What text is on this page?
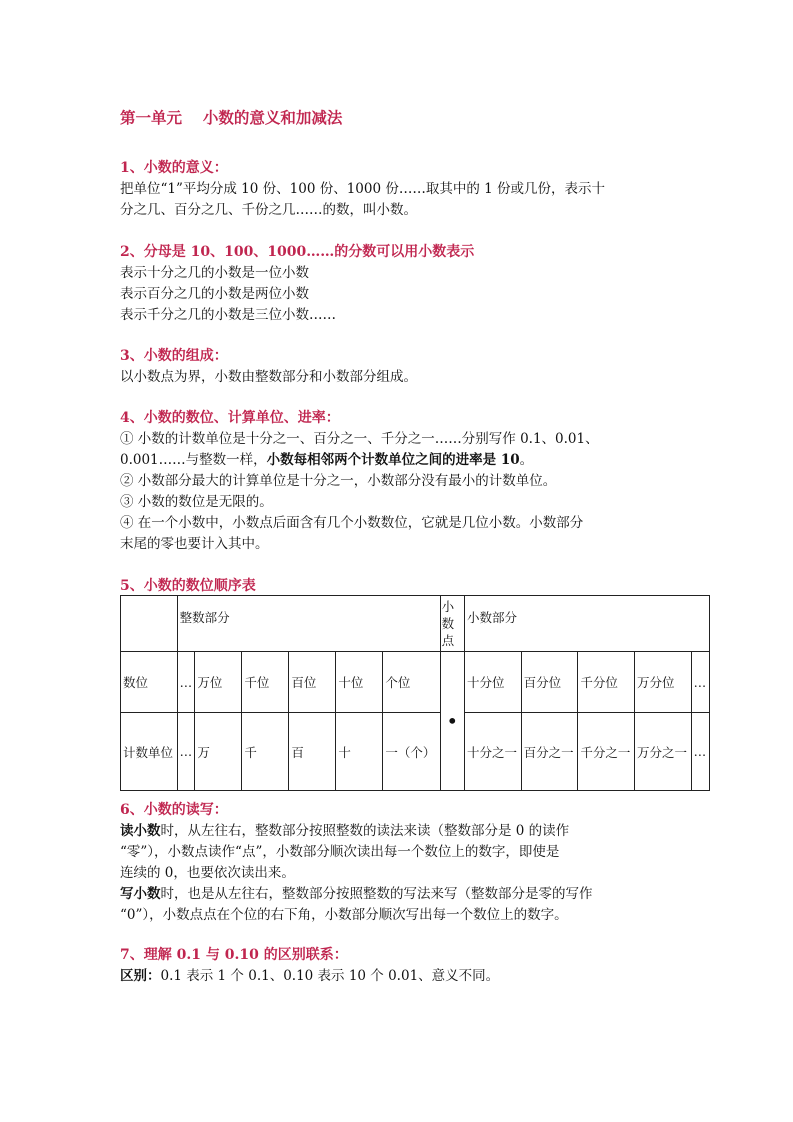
第一单元　 小数的意义和加减法
1、小数的意义：
把单位“1”平均分成 10 份、100 份、1000 份……取其中的 1 份或几份，表示十
分之几、百分之几、千份之几……的数，叫小数。
2、分母是 10、100、1000……的分数可以用小数表示
表示十分之几的小数是一位小数
表示百分之几的小数是两位小数
表示千分之几的小数是三位小数……
3、小数的组成：
以小数点为界，小数由整数部分和小数部分组成。
4、小数的数位、计算单位、进率：
① 小数的计数单位是十分之一、百分之一、千分之一……分别写作 0.1、0.01、
0.001……与整数一样，小数每相邻两个计数单位之间的进率是 10。
② 小数部分最大的计算单位是十分之一，小数部分没有最小的计数单位。
③ 小数的数位是无限的。
④ 在一个小数中，小数点后面含有几个小数数位，它就是几位小数。小数部分
末尾的零也要计入其中。
5、小数的数位顺序表
	整数部分						小数点	小数部分				
数位	…	万位	千位	百位	十位	个位	•	十分位	百分位	千分位	万分位	…
计数单位	…	万	千	百	十	一（个）		十分之一	百分之一	千分之一	万分之一	…
6、小数的读写：
读小数时，从左往右，整数部分按照整数的读法来读（整数部分是 0 的读作
“零”），小数点读作“点”，小数部分顺次读出每一个数位上的数字，即使是
连续的 0，也要依次读出来。
写小数时，也是从左往右，整数部分按照整数的写法来写（整数部分是零的写作
“0”），小数点点在个位的右下角，小数部分顺次写出每一个数位上的数字。
7、理解 0.1 与 0.10 的区别联系：
区别：0.1 表示 1 个 0.1、0.10 表示 10 个 0.01、意义不同。
